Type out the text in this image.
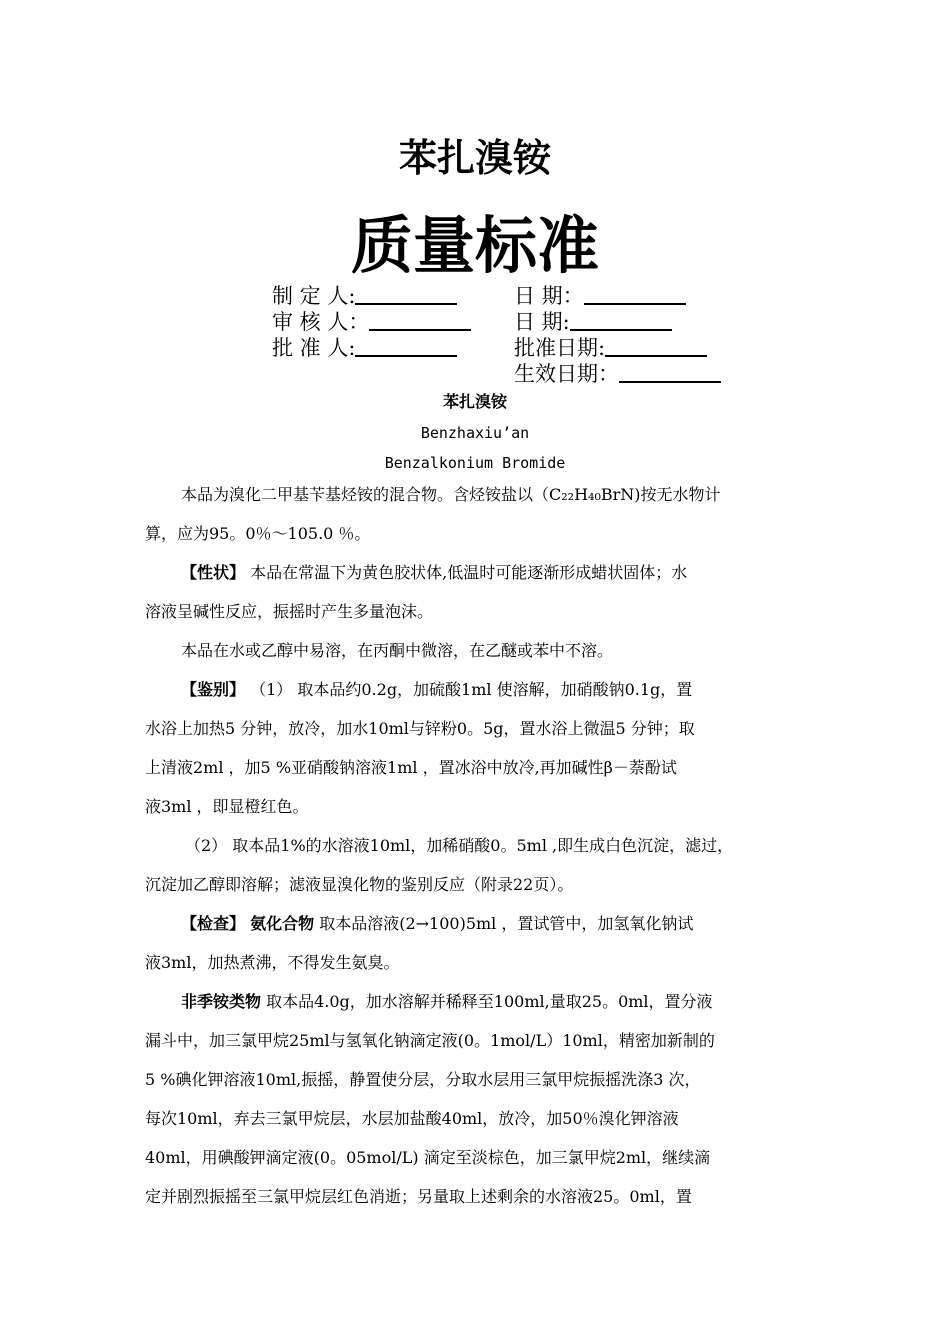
苯扎溴铵
质量标准
制 定 人:	日 期：
审 核 人：	日 期:
批 准 人:	批准日期:
生效日期：
苯扎溴铵
Benzhaxiu’an
Benzalkonium Bromide
本品为溴化二甲基苄基烃铵的混合物。含烃铵盐以（C₂₂H₄₀BrN)按无水物计
算，应为95。0％～105.0 ％。
【性状】 本品在常温下为黄色胶状体,低温时可能逐渐形成蜡状固体；水
溶液呈碱性反应，振摇时产生多量泡沫。
本品在水或乙醇中易溶，在丙酮中微溶，在乙醚或苯中不溶。
【鉴别】 （1） 取本品约0.2g，加硫酸1ml 使溶解，加硝酸钠0.1g，置
水浴上加热5 分钟，放冷，加水10ml与锌粉0。5g，置水浴上微温5 分钟；取
上清液2ml ，加5 %亚硝酸钠溶液1ml ，置冰浴中放冷,再加碱性β－萘酚试
液3ml ，即显橙红色。
（2） 取本品1%的水溶液10ml，加稀硝酸0。5ml ,即生成白色沉淀，滤过，
沉淀加乙醇即溶解；滤液显溴化物的鉴别反应（附录22页）。
【检查】 氨化合物 取本品溶液(2→100)5ml ，置试管中，加氢氧化钠试
液3ml，加热煮沸，不得发生氨臭。
非季铵类物 取本品4.0g，加水溶解并稀释至100ml,量取25。0ml，置分液
漏斗中，加三氯甲烷25ml与氢氧化钠滴定液(0。1mol/L）10ml，精密加新制的
5 %碘化钾溶液10ml,振摇，静置使分层，分取水层用三氯甲烷振摇洗涤3 次，
每次10ml，弃去三氯甲烷层，水层加盐酸40ml，放冷，加50％溴化钾溶液
40ml，用碘酸钾滴定液(0。05mol/L) 滴定至淡棕色，加三氯甲烷2ml，继续滴
定并剧烈振摇至三氯甲烷层红色消逝；另量取上述剩余的水溶液25。0ml，置
